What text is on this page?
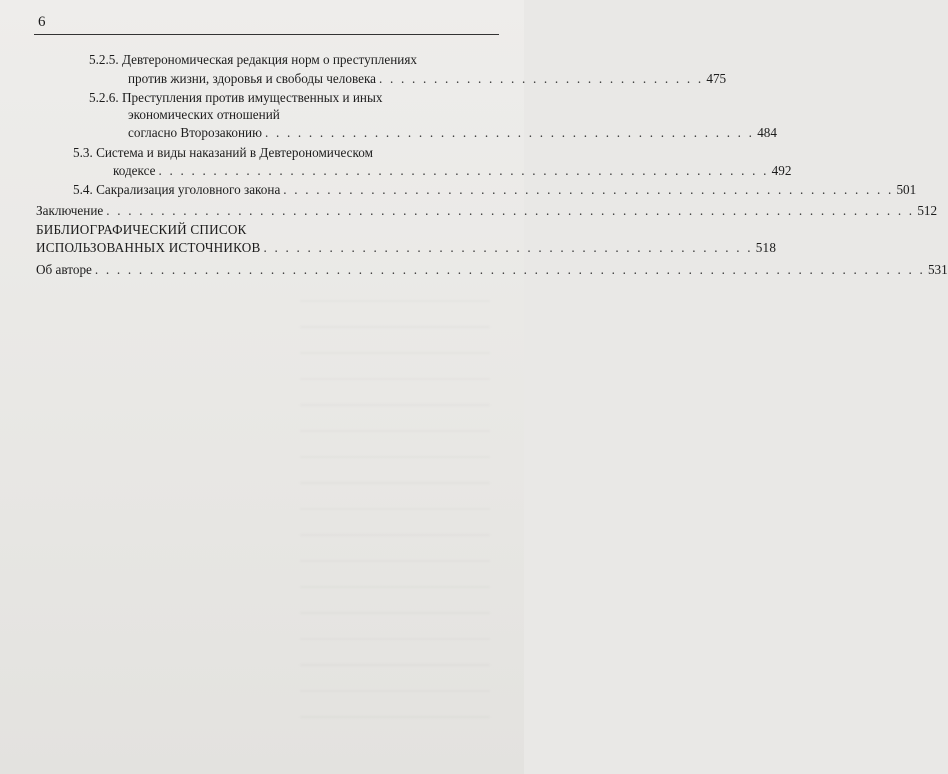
6
5.2.5. Девтерономическая редакция норм о преступлениях
против жизни, здоровья и свободы человека . . . . . . . . . . . . . . . . . . . . . . . . . . . . . . 475
5.2.6. Преступления против имущественных и иных
экономических отношений
согласно Второзаконию . . . . . . . . . . . . . . . . . . . . . . . . . . . . . . . . . . . . . . . . . . . . . 484
5.3. Система и виды наказаний в Девтерономическом
кодексе . . . . . . . . . . . . . . . . . . . . . . . . . . . . . . . . . . . . . . . . . . . . . . . . . . . . . . . . 492
5.4. Сакрализация уголовного закона . . . . . . . . . . . . . . . . . . . . . . . . . . . . . . . . . . . . . . . . . . . . . . . . . . . . . . . . 501
Заключение . . . . . . . . . . . . . . . . . . . . . . . . . . . . . . . . . . . . . . . . . . . . . . . . . . . . . . . . . . . . . . . . . . . . . . . . . . 512
БИБЛИОГРАФИЧЕСКИЙ СПИСОК
ИСПОЛЬЗОВАННЫХ ИСТОЧНИКОВ . . . . . . . . . . . . . . . . . . . . . . . . . . . . . . . . . . . . . . . . . . . . . 518
Об авторе . . . . . . . . . . . . . . . . . . . . . . . . . . . . . . . . . . . . . . . . . . . . . . . . . . . . . . . . . . . . . . . . . . . . . . . . . . . . 531
